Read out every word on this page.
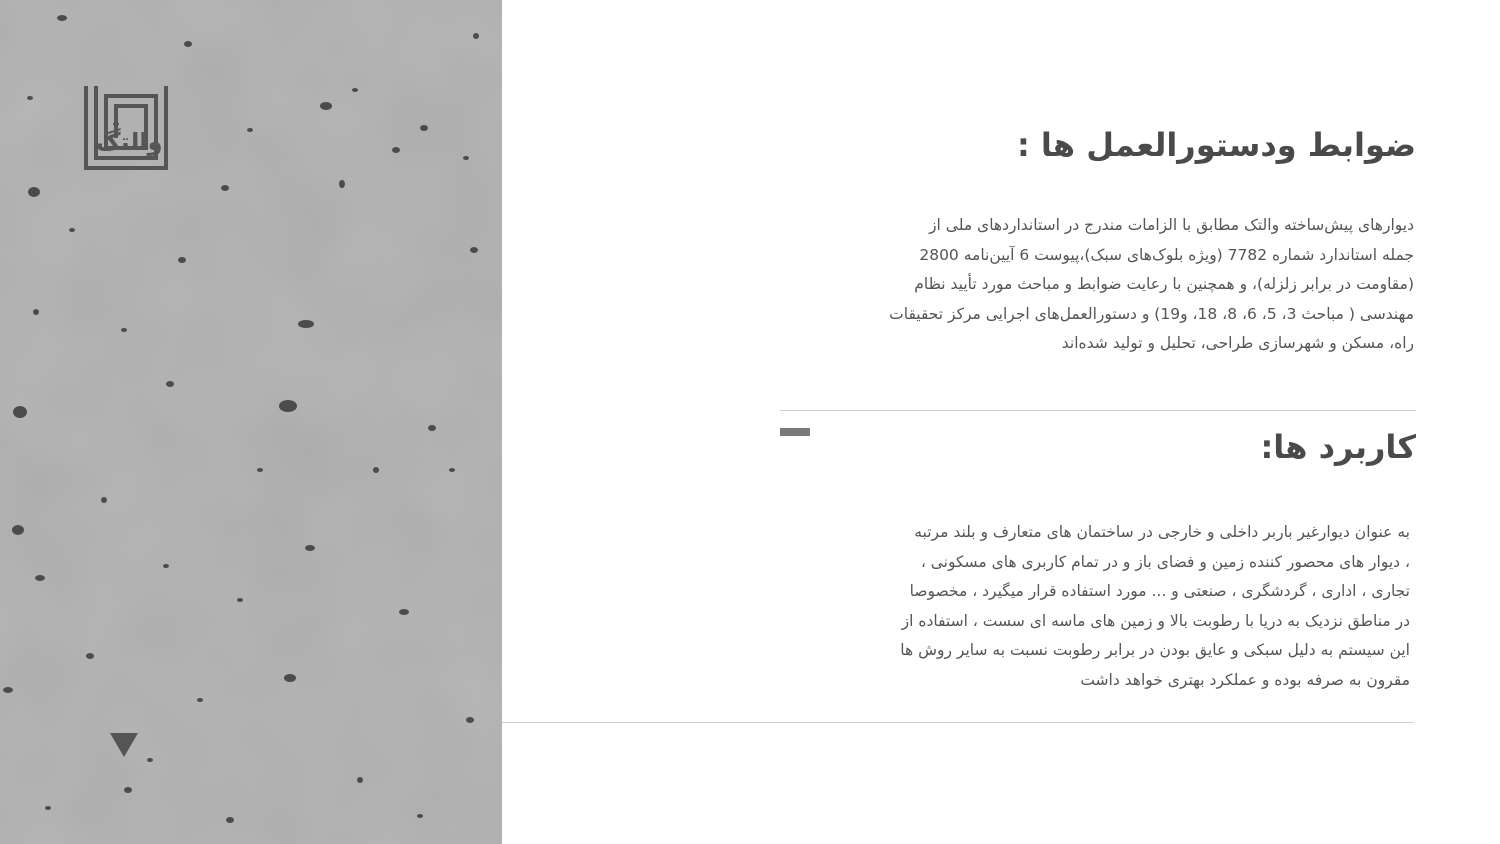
والتگ	ضوابط ودستورالعمل ها :
دیوارهای پیش‌ساخته والتک مطابق با الزامات مندرج در استانداردهای ملی از
جمله استاندارد شماره 7782 (ویژه بلوک‌های سبک)،پیوست 6 آیین‌نامه 2800
(مقاومت در برابر زلزله)، و همچنین با رعایت ضوابط و مباحث مورد تأیید نظام
مهندسی ( مباحث 3، 5، 6، 8، 18، و19) و دستورالعمل‌های اجرایی مرکز تحقیقات
راه، مسکن و شهرسازی طراحی، تحلیل و تولید شده‌اند
کاربرد ها:
به عنوان دیوارغیر باربر داخلی و خارجی در ساختمان های متعارف و بلند مرتبه
، دیوار های محصور کننده زمین و فضای باز و در تمام کاربری های مسکونی ،
تجاری ، اداری ، گردشگری ، صنعتی و ... مورد استفاده قرار میگیرد ، مخصوصا
در مناطق نزدیک به دریا با رطوبت بالا و زمین های ماسه ای سست ، استفاده از
این سیستم به دلیل سبکی و عایق بودن در برابر رطوبت نسبت به سایر روش ها
مقرون به صرفه بوده و عملکرد بهتری خواهد داشت
